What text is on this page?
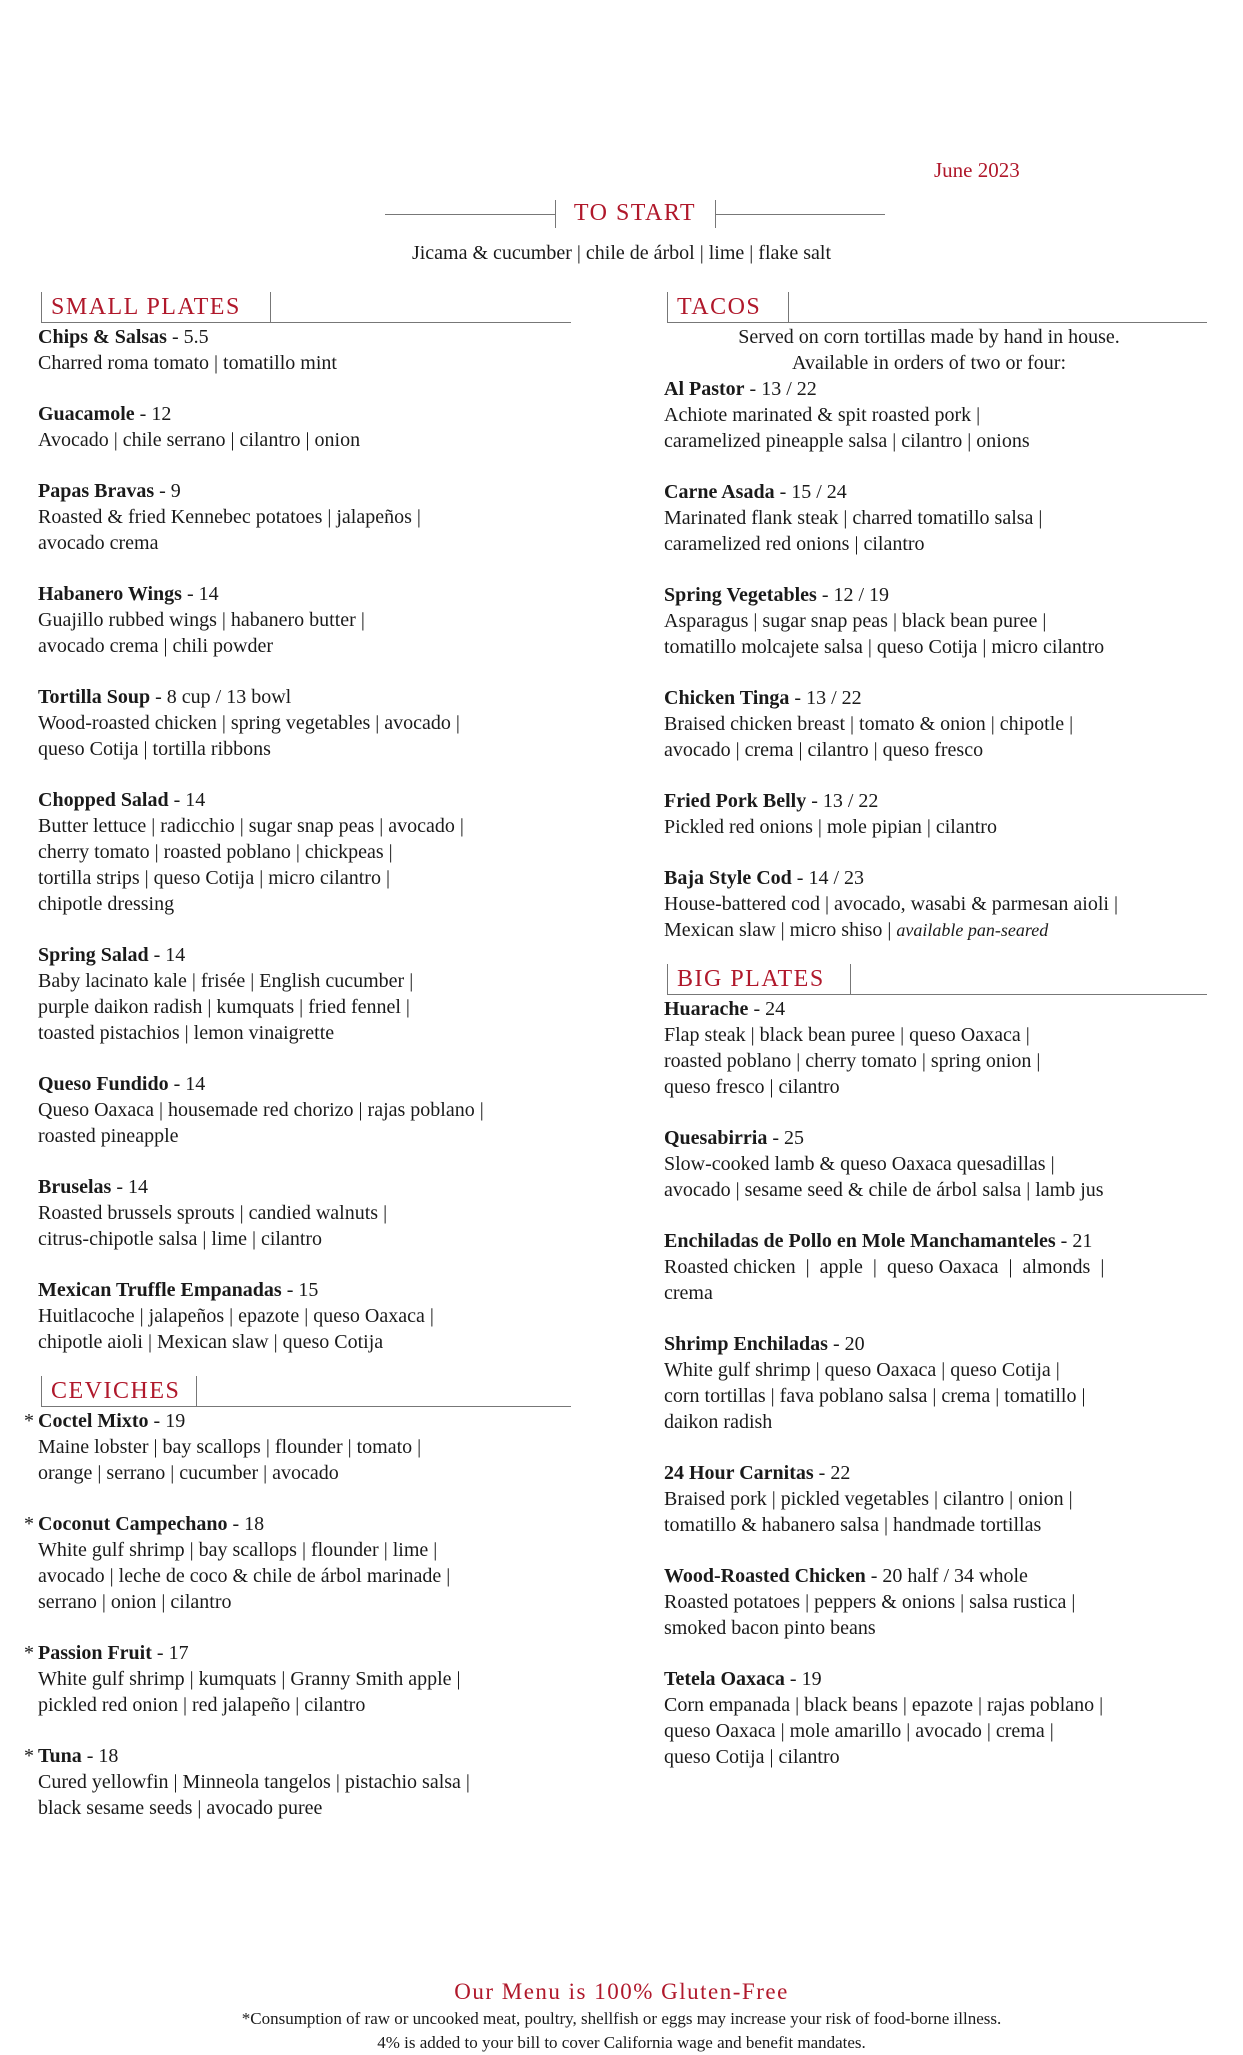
June 2023
TO START
Jicama & cucumber | chile de árbol | lime | flake salt
SMALL PLATES
Chips & Salsas - 5.5
Charred roma tomato | tomatillo mint
Guacamole - 12
Avocado | chile serrano | cilantro | onion
Papas Bravas - 9
Roasted & fried Kennebec potatoes | jalapeños |
avocado crema
Habanero Wings - 14
Guajillo rubbed wings | habanero butter |
avocado crema | chili powder
Tortilla Soup - 8 cup / 13 bowl
Wood-roasted chicken | spring vegetables | avocado |
queso Cotija | tortilla ribbons
Chopped Salad - 14
Butter lettuce | radicchio | sugar snap peas | avocado |
cherry tomato | roasted poblano | chickpeas |
tortilla strips | queso Cotija | micro cilantro |
chipotle dressing
Spring Salad - 14
Baby lacinato kale | frisée | English cucumber |
purple daikon radish | kumquats | fried fennel |
toasted pistachios | lemon vinaigrette
Queso Fundido - 14
Queso Oaxaca | housemade red chorizo | rajas poblano |
roasted pineapple
Bruselas - 14
Roasted brussels sprouts | candied walnuts |
citrus-chipotle salsa | lime | cilantro
Mexican Truffle Empanadas - 15
Huitlacoche | jalapeños | epazote | queso Oaxaca |
chipotle aioli | Mexican slaw | queso Cotija
CEVICHES
* Coctel Mixto - 19
Maine lobster | bay scallops | flounder | tomato |
orange | serrano | cucumber | avocado
* Coconut Campechano - 18
White gulf shrimp | bay scallops | flounder | lime |
avocado | leche de coco & chile de árbol marinade |
serrano | onion | cilantro
* Passion Fruit - 17
White gulf shrimp | kumquats | Granny Smith apple |
pickled red onion | red jalapeño | cilantro
* Tuna - 18
Cured yellowfin | Minneola tangelos | pistachio salsa |
black sesame seeds | avocado puree
TACOS
Served on corn tortillas made by hand in house.
Available in orders of two or four:
Al Pastor - 13 / 22
Achiote marinated & spit roasted pork |
caramelized pineapple salsa | cilantro | onions
Carne Asada - 15 / 24
Marinated flank steak | charred tomatillo salsa |
caramelized red onions | cilantro
Spring Vegetables - 12 / 19
Asparagus | sugar snap peas | black bean puree |
tomatillo molcajete salsa | queso Cotija | micro cilantro
Chicken Tinga - 13 / 22
Braised chicken breast | tomato & onion | chipotle |
avocado | crema | cilantro | queso fresco
Fried Pork Belly - 13 / 22
Pickled red onions | mole pipian | cilantro
Baja Style Cod - 14 / 23
House-battered cod | avocado, wasabi & parmesan aioli |
Mexican slaw | micro shiso | available pan-seared
BIG PLATES
Huarache - 24
Flap steak | black bean puree | queso Oaxaca |
roasted poblano | cherry tomato | spring onion |
queso fresco | cilantro
Quesabirria - 25
Slow-cooked lamb & queso Oaxaca quesadillas |
avocado | sesame seed & chile de árbol salsa | lamb jus
Enchiladas de Pollo en Mole Manchamanteles - 21
Roasted chicken  |  apple  |  queso Oaxaca  |  almonds  |
crema
Shrimp Enchiladas - 20
White gulf shrimp | queso Oaxaca | queso Cotija |
corn tortillas | fava poblano salsa | crema | tomatillo |
daikon radish
24 Hour Carnitas - 22
Braised pork | pickled vegetables | cilantro | onion |
tomatillo & habanero salsa | handmade tortillas
Wood-Roasted Chicken - 20 half / 34 whole
Roasted potatoes | peppers & onions | salsa rustica |
smoked bacon pinto beans
Tetela Oaxaca - 19
Corn empanada | black beans | epazote | rajas poblano |
queso Oaxaca | mole amarillo | avocado | crema |
queso Cotija | cilantro
Our Menu is 100% Gluten-Free
*Consumption of raw or uncooked meat, poultry, shellfish or eggs may increase your risk of food-borne illness.
4% is added to your bill to cover California wage and benefit mandates.
